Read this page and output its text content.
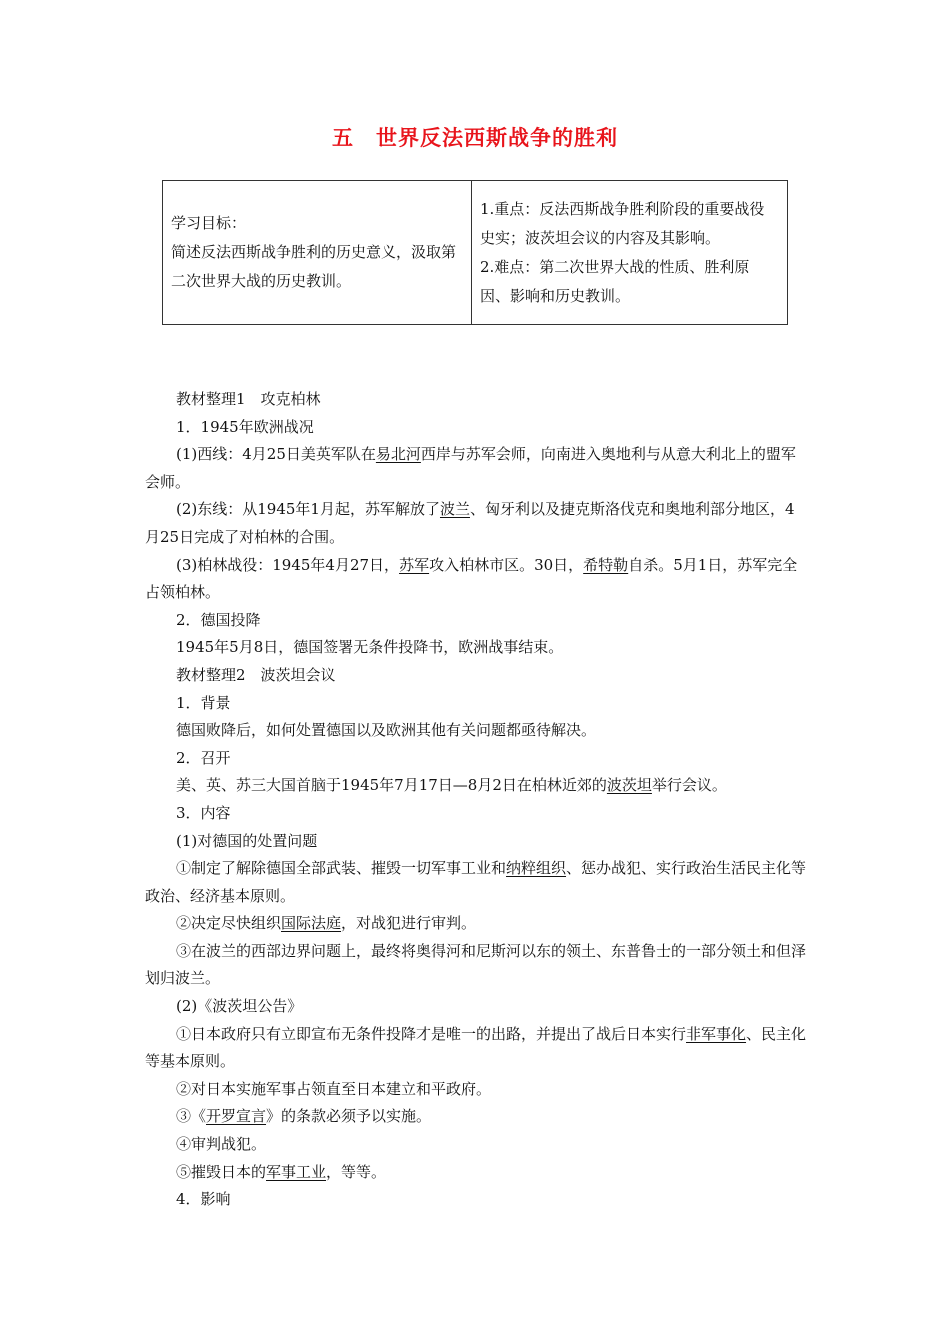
五 世界反法西斯战争的胜利
学习目标：
简述反法西斯战争胜利的历史意义，汲取第二次世界大战的历史教训。

1.重点：反法西斯战争胜利阶段的重要战役史实；波茨坦会议的内容及其影响。
2.难点：第二次世界大战的性质、胜利原因、影响和历史教训。

教材整理1　攻克柏林

1．1945年欧洲战况

(1)西线：4月25日美英军队在易北河西岸与苏军会师，向南进入奥地利与从意大利北上的盟军会师。

(2)东线：从1945年1月起，苏军解放了波兰、匈牙利以及捷克斯洛伐克和奥地利部分地区，4月25日完成了对柏林的合围。

(3)柏林战役：1945年4月27日，苏军攻入柏林市区。30日，希特勒自杀。5月1日，苏军完全占领柏林。

2．德国投降

1945年5月8日，德国签署无条件投降书，欧洲战事结束。

教材整理2　波茨坦会议

1．背景

德国败降后，如何处置德国以及欧洲其他有关问题都亟待解决。

2．召开

美、英、苏三大国首脑于1945年7月17日—8月2日在柏林近郊的波茨坦举行会议。

3．内容

(1)对德国的处置问题

①制定了解除德国全部武装、摧毁一切军事工业和纳粹组织、惩办战犯、实行政治生活民主化等政治、经济基本原则。

②决定尽快组织国际法庭，对战犯进行审判。

③在波兰的西部边界问题上，最终将奥得河和尼斯河以东的领土、东普鲁士的一部分领土和但泽划归波兰。

(2)《波茨坦公告》

①日本政府只有立即宣布无条件投降才是唯一的出路，并提出了战后日本实行非军事化、民主化等基本原则。

②对日本实施军事占领直至日本建立和平政府。

③《开罗宣言》的条款必须予以实施。

④审判战犯。

⑤摧毁日本的军事工业，等等。

4．影响
